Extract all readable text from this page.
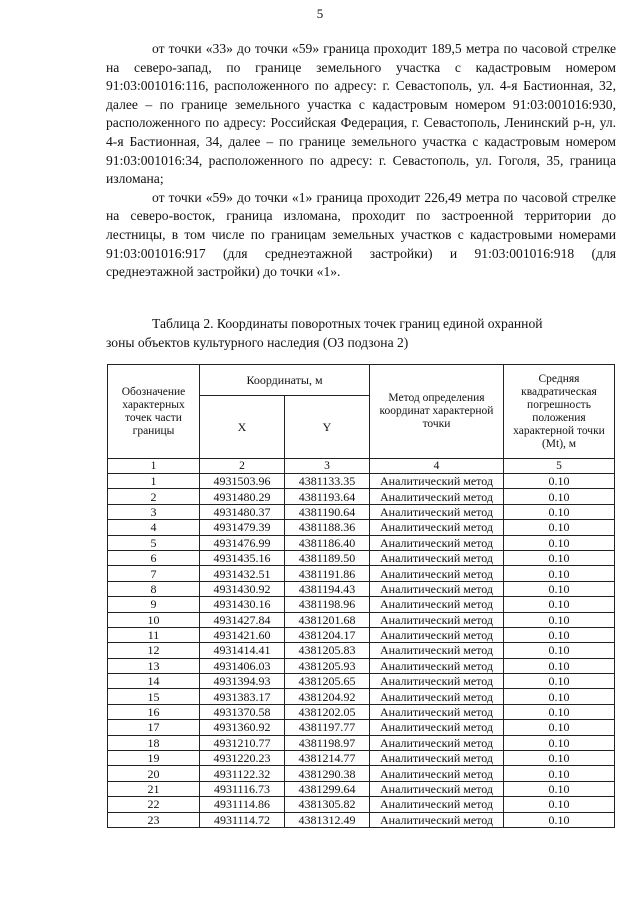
5

от точки «33» до точки «59» граница проходит 189,5 метра по часовой стрелке на северо-запад, по границе земельного участка с кадастровым номером 91:03:001016:116, расположенного по адресу: г. Севастополь, ул. 4-я Бастионная, 32, далее – по границе земельного участка с кадастровым номером 91:03:001016:930, расположенного по адресу: Российская Федерация, г. Севастополь, Ленинский р-н, ул. 4-я Бастионная, 34, далее – по границе земельного участка с кадастровым номером 91:03:001016:34, расположенного по адресу: г. Севастополь, ул. Гоголя, 35, граница изломана;

от точки «59» до точки «1» граница проходит 226,49 метра по часовой стрелке на северо-восток, граница изломана, проходит по застроенной территории до лестницы, в том числе по границам земельных участков с кадастровыми номерами 91:03:001016:917 (для среднеэтажной застройки) и 91:03:001016:918 (для среднеэтажной застройки) до точки «1».

Таблица 2. Координаты поворотных точек границ единой охранной
зоны объектов культурного наследия (ОЗ подзона 2)
Обозначение характерных точек части границы	Координаты, м		Метод определения координат характерной точки	Средняя квадратическая погрешность положения характерной точки (Mt), м
	X	Y		
1	2	3	4	5
1	4931503.96	4381133.35	Аналитический метод	0.10
2	4931480.29	4381193.64	Аналитический метод	0.10
3	4931480.37	4381190.64	Аналитический метод	0.10
4	4931479.39	4381188.36	Аналитический метод	0.10
5	4931476.99	4381186.40	Аналитический метод	0.10
6	4931435.16	4381189.50	Аналитический метод	0.10
7	4931432.51	4381191.86	Аналитический метод	0.10
8	4931430.92	4381194.43	Аналитический метод	0.10
9	4931430.16	4381198.96	Аналитический метод	0.10
10	4931427.84	4381201.68	Аналитический метод	0.10
11	4931421.60	4381204.17	Аналитический метод	0.10
12	4931414.41	4381205.83	Аналитический метод	0.10
13	4931406.03	4381205.93	Аналитический метод	0.10
14	4931394.93	4381205.65	Аналитический метод	0.10
15	4931383.17	4381204.92	Аналитический метод	0.10
16	4931370.58	4381202.05	Аналитический метод	0.10
17	4931360.92	4381197.77	Аналитический метод	0.10
18	4931210.77	4381198.97	Аналитический метод	0.10
19	4931220.23	4381214.77	Аналитический метод	0.10
20	4931122.32	4381290.38	Аналитический метод	0.10
21	4931116.73	4381299.64	Аналитический метод	0.10
22	4931114.86	4381305.82	Аналитический метод	0.10
23	4931114.72	4381312.49	Аналитический метод	0.10
